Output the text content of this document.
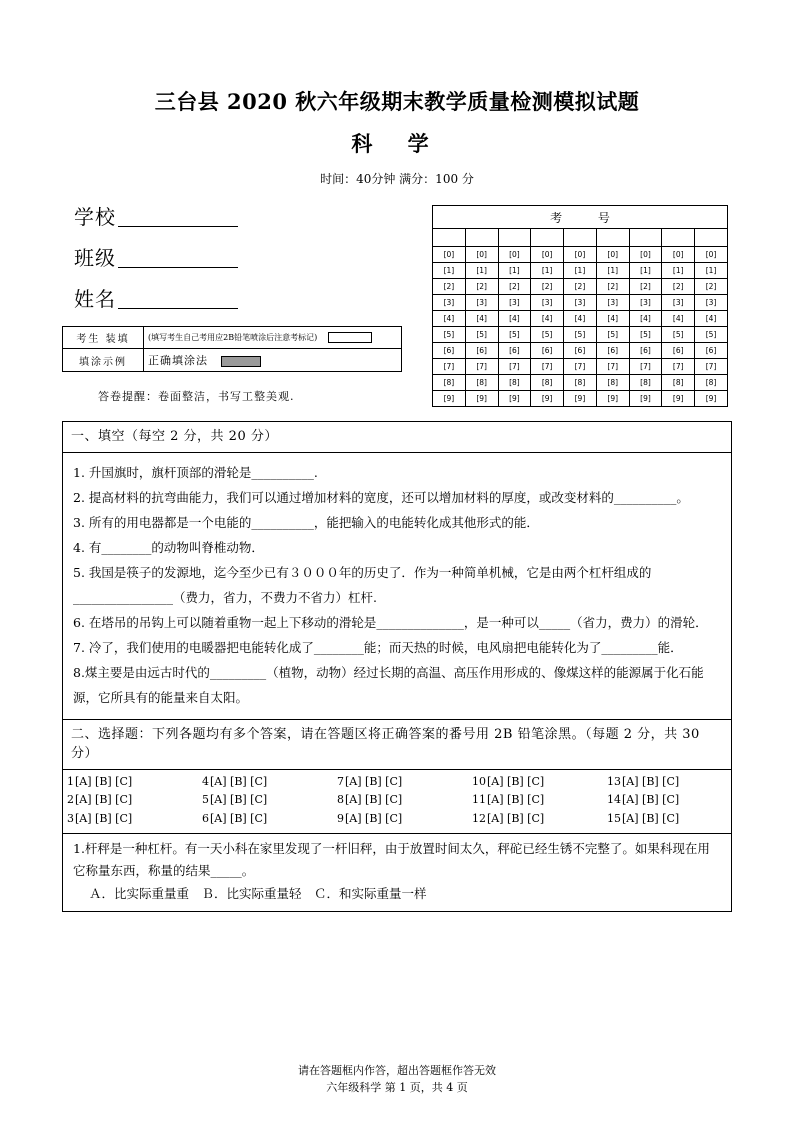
三台县 2020 秋六年级期末教学质量检测模拟试题
科 学
时间：40分钟 满分：100 分
学校
班级
姓名
考生 装填	(填写考生自己考用应2B铅笔喷涂后注意考标记)
填涂示例	正确填涂法
答卷提醒：卷面整洁，书写工整美观.
考 号								

[0]	[0]	[0]	[0]	[0]	[0]	[0]	[0]	[0]
[1]	[1]	[1]	[1]	[1]	[1]	[1]	[1]	[1]
[2]	[2]	[2]	[2]	[2]	[2]	[2]	[2]	[2]
[3]	[3]	[3]	[3]	[3]	[3]	[3]	[3]	[3]
[4]	[4]	[4]	[4]	[4]	[4]	[4]	[4]	[4]
[5]	[5]	[5]	[5]	[5]	[5]	[5]	[5]	[5]
[6]	[6]	[6]	[6]	[6]	[6]	[6]	[6]	[6]
[7]	[7]	[7]	[7]	[7]	[7]	[7]	[7]	[7]
[8]	[8]	[8]	[8]	[8]	[8]	[8]	[8]	[8]
[9]	[9]	[9]	[9]	[9]	[9]	[9]	[9]	[9]
一、填空（每空 2 分，共 20 分）

1. 升国旗时，旗杆顶部的滑轮是__________.

2. 提高材料的抗弯曲能力，我们可以通过增加材料的宽度，还可以增加材料的厚度，或改变材料的__________。

3. 所有的用电器都是一个电能的__________，能把输入的电能转化成其他形式的能．

4. 有________的动物叫脊椎动物．

5. 我国是筷子的发源地，迄今至少已有３０００年的历史了．作为一种简单机械，它是由两个杠杆组成的________________（费力，省力，不费力不省力）杠杆.

6. 在塔吊的吊钩上可以随着重物一起上下移动的滑轮是______________，是一种可以_____（省力，费力）的滑轮．

7. 冷了，我们使用的电暖器把电能转化成了________能；而天热的时候，电风扇把电能转化为了_________能．

8.煤主要是由远古时代的_________（植物，动物）经过长期的高温、高压作用形成的、像煤这样的能源属于化石能源，它所具有的能量来自太阳。

二、选择题：下列各题均有多个答案，请在答题区将正确答案的番号用 2B 铅笔涂黑。（每题 2 分，共 30 分）
1[A] [B] [C]	4[A] [B] [C]	7[A] [B] [C]	10[A] [B] [C]	13[A] [B] [C]
2[A] [B] [C]	5[A] [B] [C]	8[A] [B] [C]	11[A] [B] [C]	14[A] [B] [C]
3[A] [B] [C]	6[A] [B] [C]	9[A] [B] [C]	12[A] [B] [C]	15[A] [B] [C]
1.杆秤是一种杠杆。有一天小科在家里发现了一杆旧秤，由于放置时间太久，秤砣已经生锈不完整了。如果科现在用它称量东西，称量的结果_____。
Ａ．比实际重量重　Ｂ．比实际重量轻　Ｃ．和实际重量一样
请在答题框内作答，超出答题框作答无效
六年级科学 第 1 页，共 4 页
